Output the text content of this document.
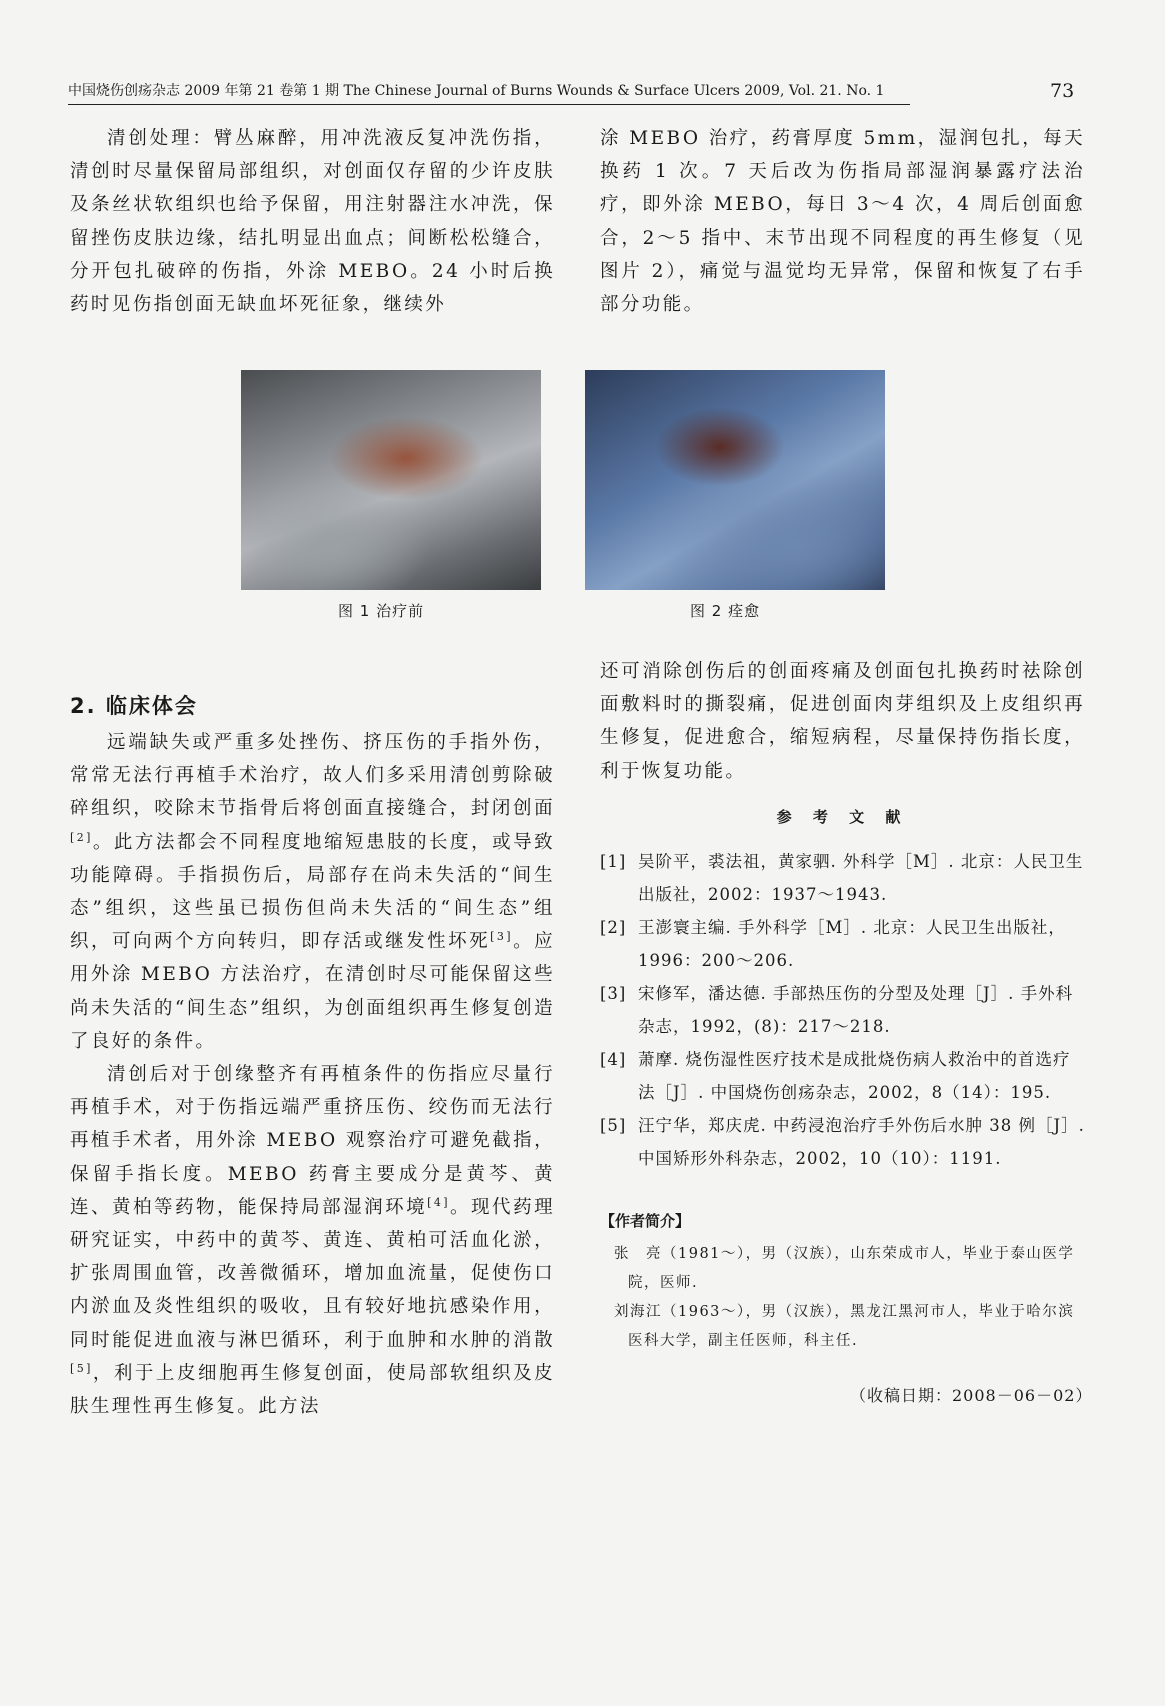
中国烧伤创疡杂志 2009 年第 21 卷第 1 期 The Chinese Journal of Burns Wounds & Surface Ulcers 2009, Vol. 21. No. 1	73

清创处理：臂丛麻醉，用冲洗液反复冲洗伤指，清创时尽量保留局部组织，对创面仅存留的少许皮肤及条丝状软组织也给予保留，用注射器注水冲洗，保留挫伤皮肤边缘，结扎明显出血点；间断松松缝合，分开包扎破碎的伤指，外涂 MEBO。24 小时后换药时见伤指创面无缺血坏死征象，继续外

涂 MEBO 治疗，药膏厚度 5mm，湿润包扎，每天换药 1 次。7 天后改为伤指局部湿润暴露疗法治疗，即外涂 MEBO，每日 3～4 次，4 周后创面愈合，2～5 指中、末节出现不同程度的再生修复（见图片 2），痛觉与温觉均无异常，保留和恢复了右手部分功能。

图 1 治疗前	图 2 痊愈

2. 临床体会

远端缺失或严重多处挫伤、挤压伤的手指外伤，常常无法行再植手术治疗，故人们多采用清创剪除破碎组织，咬除末节指骨后将创面直接缝合，封闭创面[2]。此方法都会不同程度地缩短患肢的长度，或导致功能障碍。手指损伤后，局部存在尚未失活的“间生态”组织，这些虽已损伤但尚未失活的“间生态”组织，可向两个方向转归，即存活或继发性坏死[3]。应用外涂 MEBO 方法治疗，在清创时尽可能保留这些尚未失活的“间生态”组织，为创面组织再生修复创造了良好的条件。

清创后对于创缘整齐有再植条件的伤指应尽量行再植手术，对于伤指远端严重挤压伤、绞伤而无法行再植手术者，用外涂 MEBO 观察治疗可避免截指，保留手指长度。MEBO 药膏主要成分是黄芩、黄连、黄柏等药物，能保持局部湿润环境[4]。现代药理研究证实，中药中的黄芩、黄连、黄柏可活血化淤，扩张周围血管，改善微循环，增加血流量，促使伤口内淤血及炎性组织的吸收，且有较好地抗感染作用，同时能促进血液与淋巴循环，利于血肿和水肿的消散[5]，利于上皮细胞再生修复创面，使局部软组织及皮肤生理性再生修复。此方法

还可消除创伤后的创面疼痛及创面包扎换药时祛除创面敷料时的撕裂痛，促进创面肉芽组织及上皮组织再生修复，促进愈合，缩短病程，尽量保持伤指长度，利于恢复功能。

参 考 文 献
[1] 吴阶平，裘法祖，黄家驷. 外科学［M］. 北京：人民卫生出版社，2002：1937～1943.
[2] 王澎寰主编. 手外科学［M］. 北京：人民卫生出版社，1996：200～206.
[3] 宋修军，潘达德. 手部热压伤的分型及处理［J］. 手外科杂志，1992，(8)：217～218.
[4] 萧摩. 烧伤湿性医疗技术是成批烧伤病人救治中的首选疗法［J］. 中国烧伤创疡杂志，2002，8（14）：195.
[5] 汪宁华，郑庆虎. 中药浸泡治疗手外伤后水肿 38 例［J］. 中国矫形外科杂志，2002，10（10）：1191.
【作者简介】

张　亮（1981～），男（汉族），山东荣成市人，毕业于泰山医学院，医师.

刘海江（1963～），男（汉族），黑龙江黑河市人，毕业于哈尔滨医科大学，副主任医师，科主任.

（收稿日期：2008－06－02）
